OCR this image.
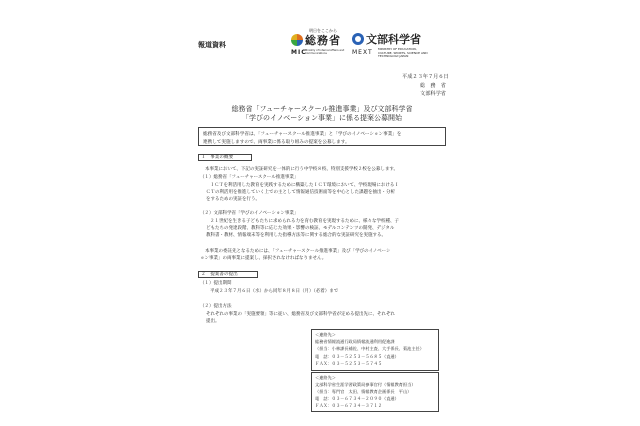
報道資料
明日をここから
総務省
MIC
Ministry of Internal Affairs and Communications
文部科学省
MEXT MINISTRY OF EDUCATION, CULTURE, SPORTS, SCIENCE AND TECHNOLOGY-JAPAN
平成２３年７月６日
総　務　省
文部科学省
総務省「フューチャースクール推進事業」及び文部科学省
「学びのイノベーション事業」に係る提案公募開始
総務省及び文部科学省は、「フューチャースクール推進事業」と「学びのイノベーション事業」を
連携して実施しますので、両事業に係る取り組みの提案を公募します。
１　事業の概要
本事業において、下記の実証研究を一体的に行う中学校８校、特別支援学校２校を公募します。
（１）総務省「フューチャースクール推進事業」
ＩＣＴを利活用した教育を実践するために構築したＩＣＴ環境において、学校現場におけるＩ
ＣＴの利活用を推進していく上での主として情報通信技術面等を中心とした課題を抽出・分析
をするための実証を行う。
（２）文部科学省「学びのイノベーション事業」
２１世紀を生きる子どもたちに求められる力を育む教育を実現するために、様々な学校種、子
どもたちの発達段階、教科等に応じた効果・影響の検証、モデルコンテンツの開発、デジタル
教科書・教材、情報端末等を利用した指導方法等に関する総合的な実証研究を実施する。
本事業の委託先となるためには、「フューチャースクール推進事業」及び「学びのイノベーシ
ョン事業」の両事業に提案し、採択されなければなりません。
２　提案書の提出
（１）提出期間
平成２３年７月６日（水）から同年８月８日（月）（必着）まで
（２）提出方法
それぞれの事業の「実施要領」等に従い、総務省及び文部科学省が定める提出先に、それぞれ
提出。
＜連絡先＞
総務省情報流通行政局情報流通利用促進課
（担当：小林課長補佐、中村主査、大手係長、菊池主任）
電　話：０３－５２５３－５６８５（直通）
ＦＡＸ：０３－５２５３－５７４５
＜連絡先＞
文部科学省生涯学習政策局参事官付（情報教育担当）
（担当：専門官　太田、情報教育企画係長　平山）
電　話：０３－６７３４－２０９０（直通）
ＦＡＸ：０３－６７３４－３７１２
